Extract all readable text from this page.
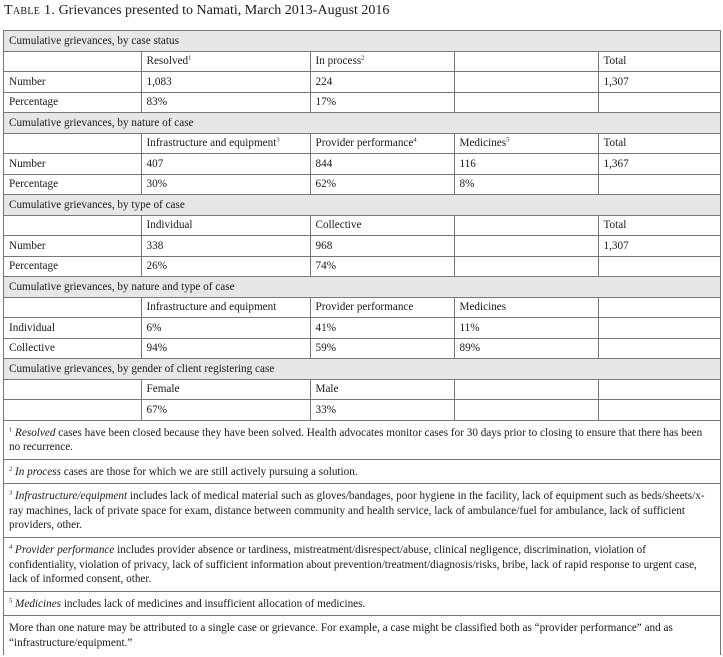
Table 1. Grievances presented to Namati, March 2013-August 2016
Cumulative grievances, by case status				
	Resolved$^1$	In process$^2$		Total
Number	1,083	224		1,307
Percentage	83%	17%		
Cumulative grievances, by nature of case				
	Infrastructure and equipment$^3$	Provider performance$^4$	Medicines$^5$	Total
Number	407	844	116	1,367
Percentage	30%	62%	8%	
Cumulative grievances, by type of case				
	Individual	Collective		Total
Number	338	968		1,307
Percentage	26%	74%		
Cumulative grievances, by nature and type of case				
	Infrastructure and equipment	Provider performance	Medicines	
Individual	6%	41%	11%	
Collective	94%	59%	89%	
Cumulative grievances, by gender of client registering case				
	Female	Male		
	67%	33%		
$^1$ Resolved cases have been closed because they have been solved. Health advocates monitor cases for 30 days prior to closing to ensure that there has been no recurrence.
$^2$ In process cases are those for which we are still actively pursuing a solution.
$^3$ Infrastructure/equipment includes lack of medical material such as gloves/bandages, poor hygiene in the facility, lack of equipment such as beds/sheets/x-ray machines, lack of private space for exam, distance between community and health service, lack of ambulance/fuel for ambulance, lack of sufficient providers, other.
$^4$ Provider performance includes provider absence or tardiness, mistreatment/disrespect/abuse, clinical negligence, discrimination, violation of confidentiality, violation of privacy, lack of sufficient information about prevention/treatment/diagnosis/risks, bribe, lack of rapid response to urgent case, lack of informed consent, other.
$^5$ Medicines includes lack of medicines and insufficient allocation of medicines.
More than one nature may be attributed to a single case or grievance. For example, a case might be classified both as “provider performance” and as “infrastructure/equipment.”
